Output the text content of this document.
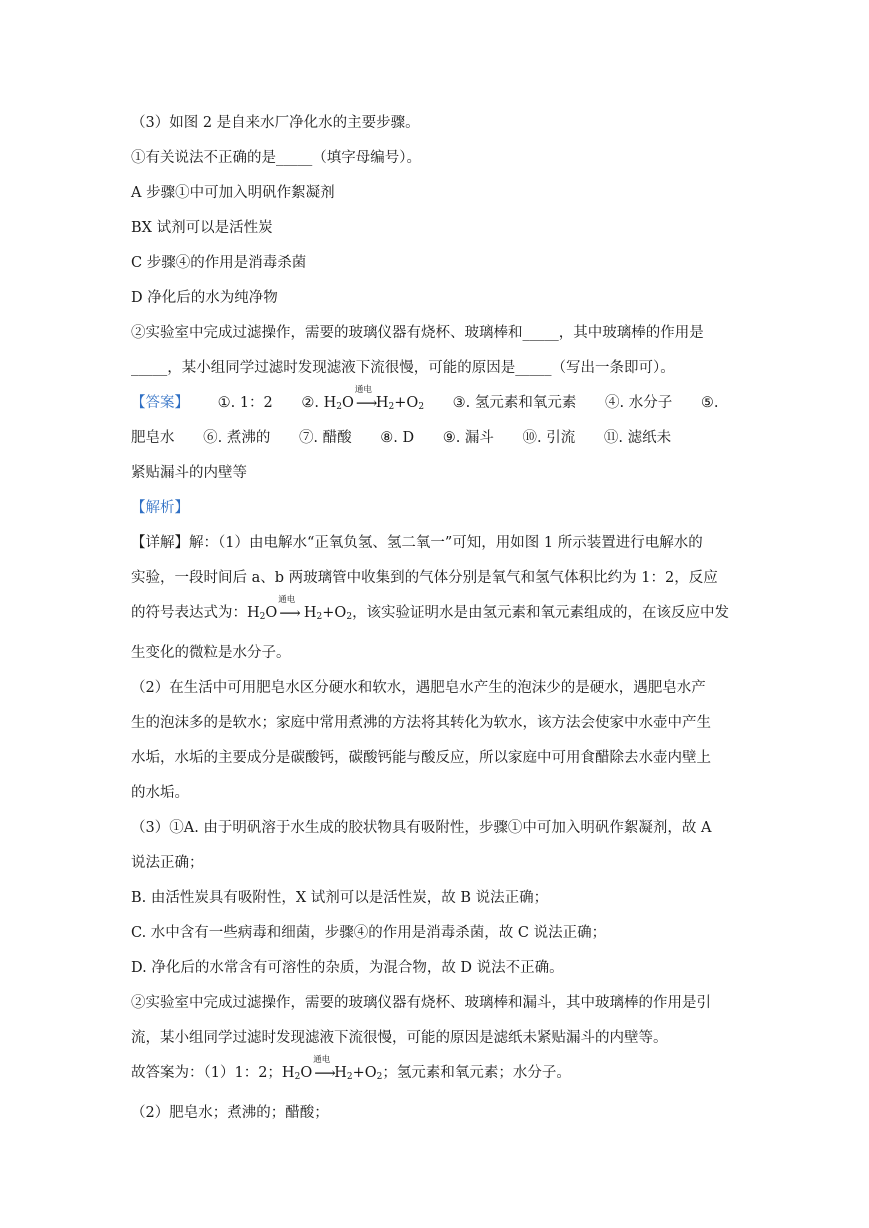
（3）如图 2 是自来水厂净化水的主要步骤。
①有关说法不正确的是_____（填字母编号）。
A 步骤①中可加入明矾作絮凝剂
BX 试剂可以是活性炭
C 步骤④的作用是消毒杀菌
D 净化后的水为纯净物
②实验室中完成过滤操作，需要的玻璃仪器有烧杯、玻璃棒和_____，其中玻璃棒的作用是
_____，某小组同学过滤时发现滤液下流很慢，可能的原因是_____（写出一条即可）。
【答案】 ①. 1：2 ②. $H_2O$
通电
⟶
$H_2+O_2$ ③. 氢元素和氧元素 ④. 水分子 ⑤.
肥皂水 ⑥. 煮沸的 ⑦. 醋酸 ⑧. D ⑨. 漏斗 ⑩. 引流 ⑪. 滤纸未
紧贴漏斗的内壁等
【解析】
【详解】解：（1）由电解水“正氧负氢、氢二氧一”可知，用如图 1 所示装置进行电解水的
实验，一段时间后 a、b 两玻璃管中收集到的气体分别是氧气和氢气体积比约为 1：2，反应
的符号表达式为：$H_2O$
通电
⟶ $H_2+O_2$，该实验证明水是由氢元素和氧元素组成的，在该反应中发
生变化的微粒是水分子。
（2）在生活中可用肥皂水区分硬水和软水，遇肥皂水产生的泡沫少的是硬水，遇肥皂水产
生的泡沫多的是软水；家庭中常用煮沸的方法将其转化为软水，该方法会使家中水壶中产生
水垢，水垢的主要成分是碳酸钙，碳酸钙能与酸反应，所以家庭中可用食醋除去水壶内壁上
的水垢。
（3）①A. 由于明矾溶于水生成的胶状物具有吸附性，步骤①中可加入明矾作絮凝剂，故 A
说法正确；
B. 由活性炭具有吸附性，X 试剂可以是活性炭，故 B 说法正确；
C. 水中含有一些病毒和细菌，步骤④的作用是消毒杀菌，故 C 说法正确；
D. 净化后的水常含有可溶性的杂质，为混合物，故 D 说法不正确。
②实验室中完成过滤操作，需要的玻璃仪器有烧杯、玻璃棒和漏斗，其中玻璃棒的作用是引
流，某小组同学过滤时发现滤液下流很慢，可能的原因是滤纸未紧贴漏斗的内壁等。
故答案为：（1）1：2；$H_2O$
通电
⟶
$H_2+O_2$；氢元素和氧元素；水分子。
（2）肥皂水；煮沸的；醋酸；
